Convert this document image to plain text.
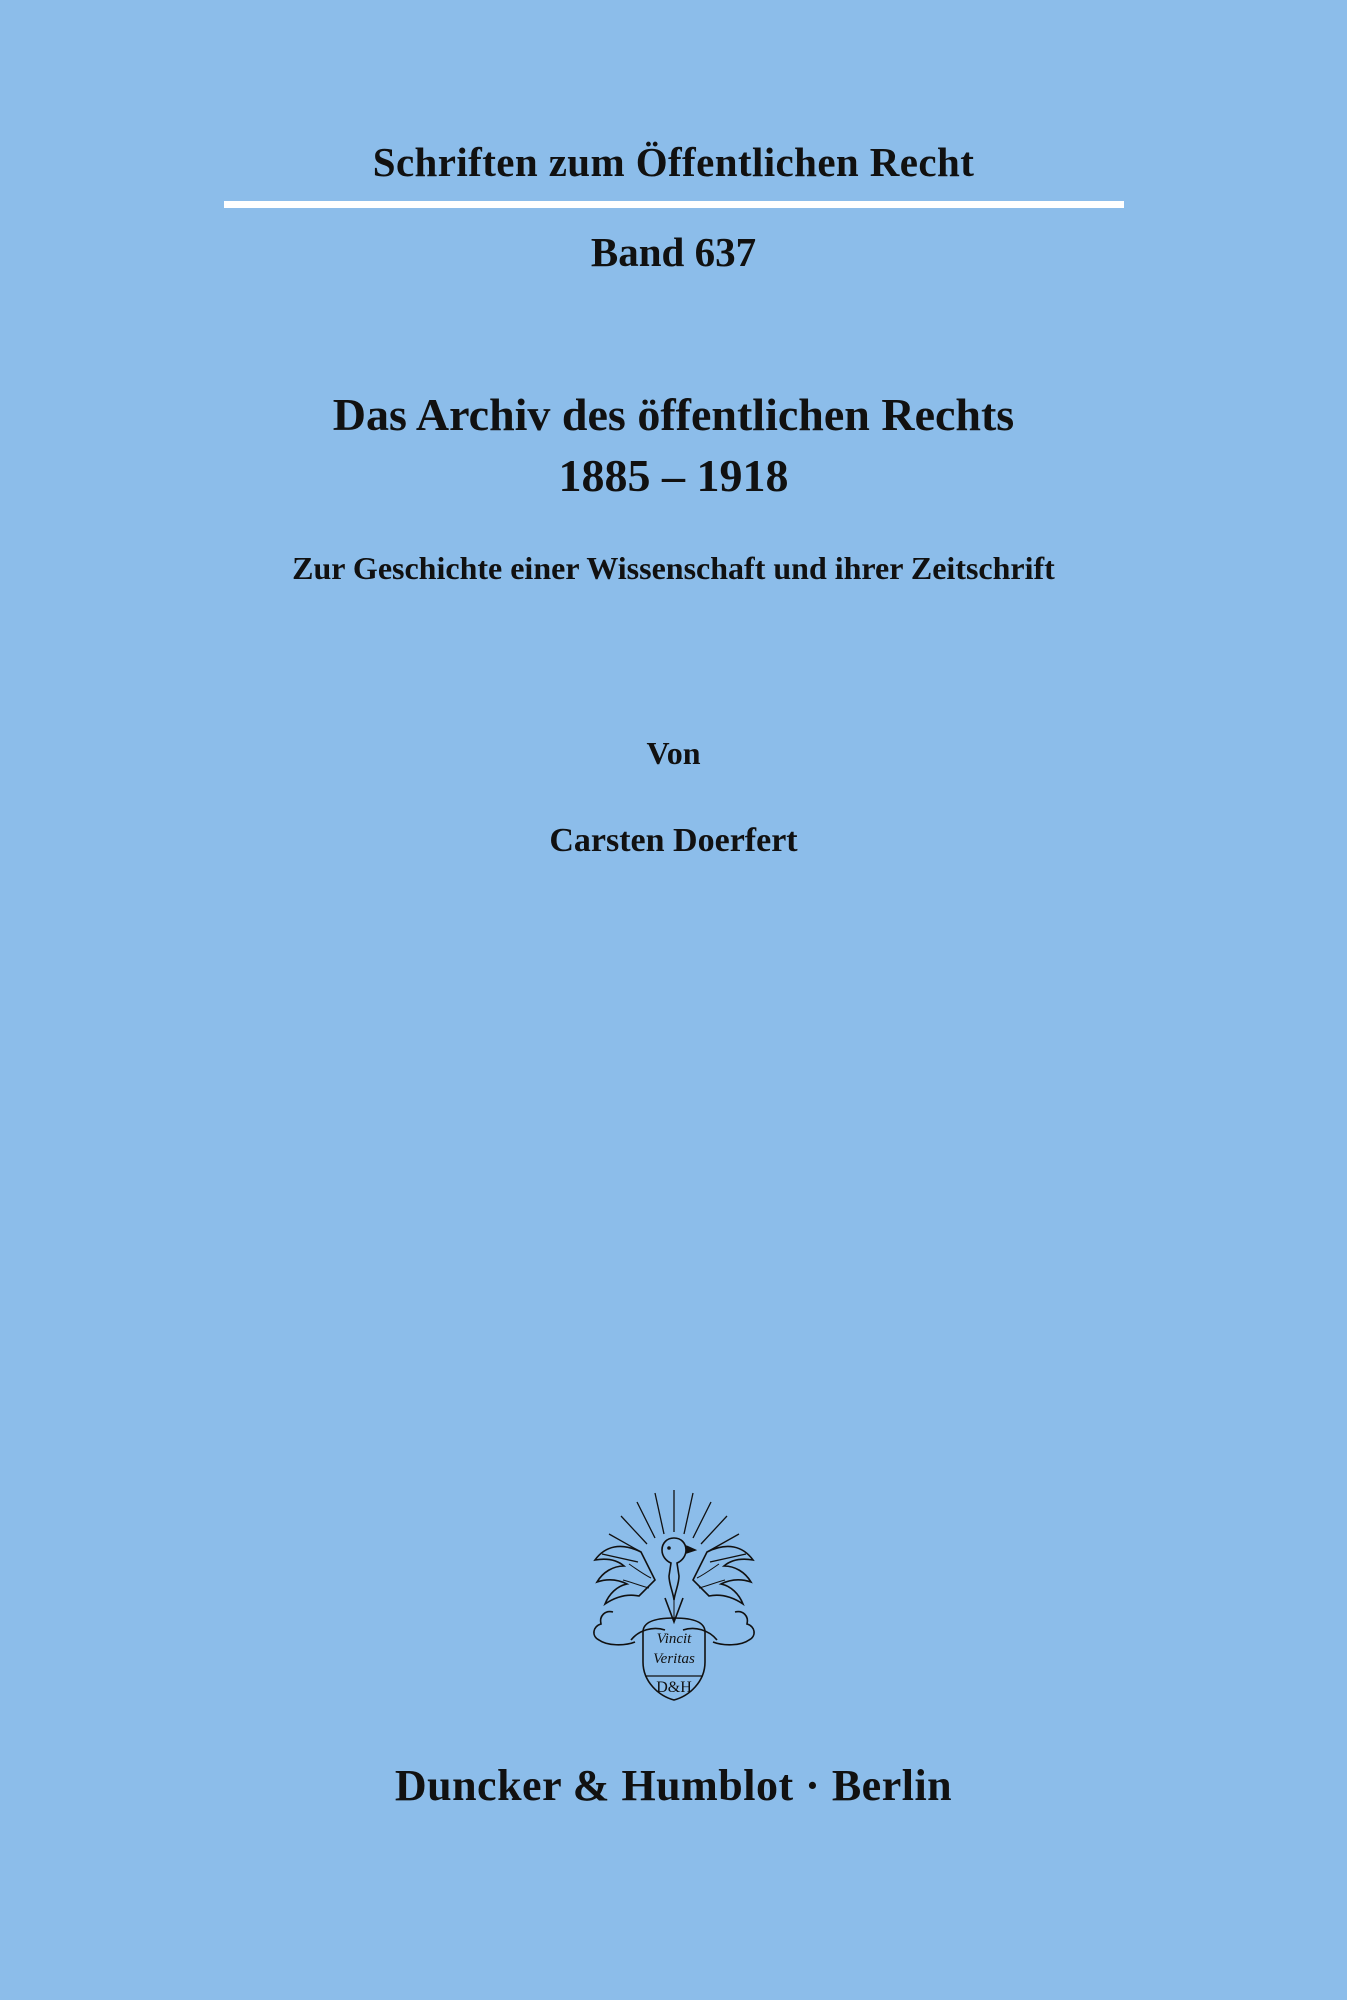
Schriften zum Öffentlichen Recht
Band 637
Das Archiv des öffentlichen Rechts
1885 – 1918
Zur Geschichte einer Wissenschaft und ihrer Zeitschrift
Von
Carsten Doerfert
Vincit
Veritas
D&H
Duncker & Humblot · Berlin
